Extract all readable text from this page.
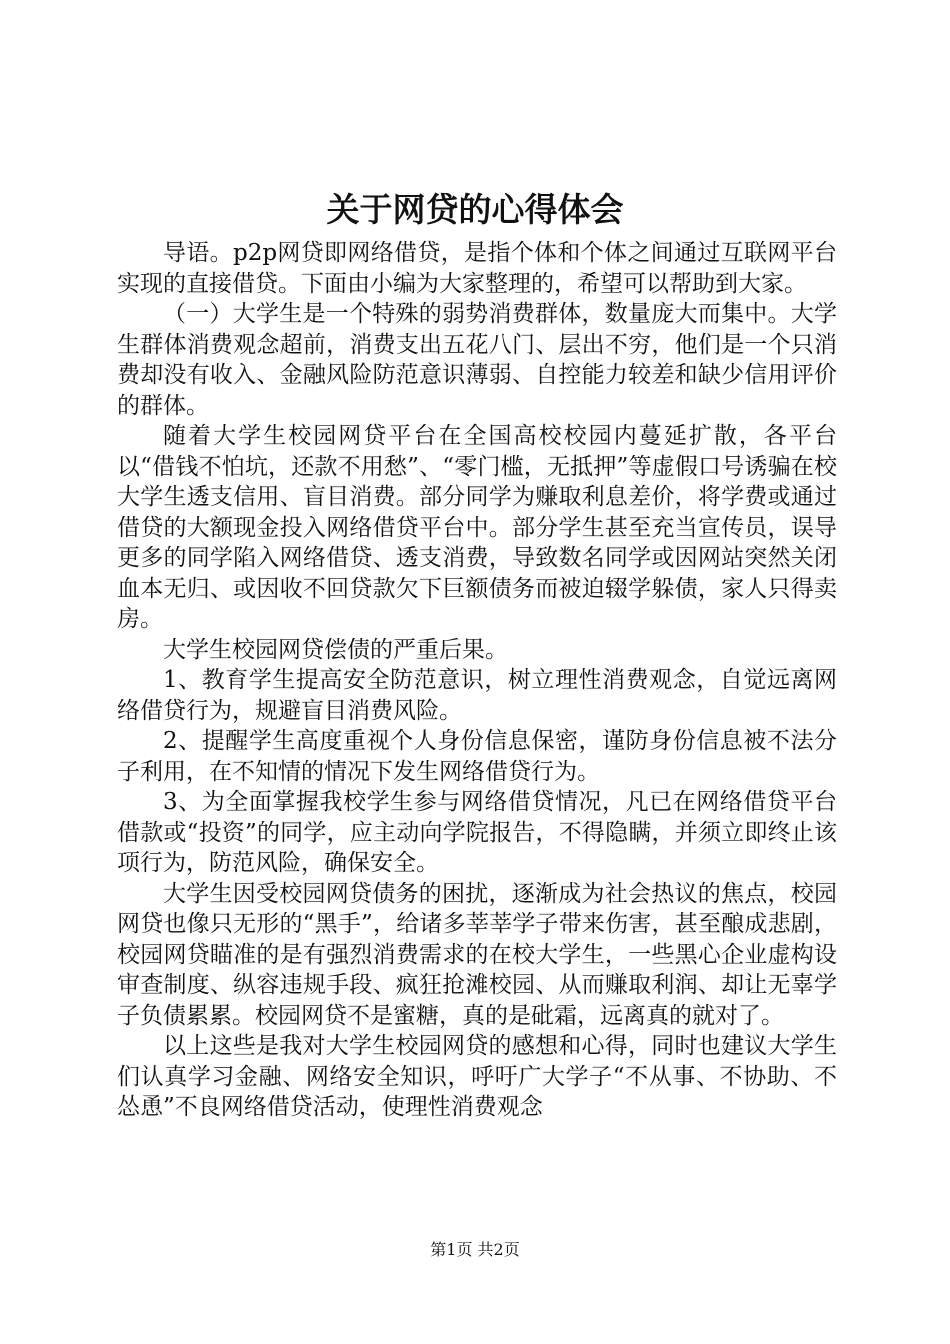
关于网贷的心得体会

导语。p2p网贷即网络借贷，是指个体和个体之间通过互联网平台实现的直接借贷。下面由小编为大家整理的，希望可以帮助到大家。

（一）大学生是一个特殊的弱势消费群体，数量庞大而集中。大学生群体消费观念超前，消费支出五花八门、层出不穷，他们是一个只消费却没有收入、金融风险防范意识薄弱、自控能力较差和缺少信用评价的群体。

随着大学生校园网贷平台在全国高校校园内蔓延扩散，各平台以“借钱不怕坑，还款不用愁”、“零门槛，无抵押”等虚假口号诱骗在校大学生透支信用、盲目消费。部分同学为赚取利息差价，将学费或通过借贷的大额现金投入网络借贷平台中。部分学生甚至充当宣传员，误导更多的同学陷入网络借贷、透支消费，导致数名同学或因网站突然关闭血本无归、或因收不回贷款欠下巨额债务而被迫辍学躲债，家人只得卖房。

大学生校园网贷偿债的严重后果。

1、教育学生提高安全防范意识，树立理性消费观念，自觉远离网络借贷行为，规避盲目消费风险。

2、提醒学生高度重视个人身份信息保密，谨防身份信息被不法分子利用，在不知情的情况下发生网络借贷行为。

3、为全面掌握我校学生参与网络借贷情况，凡已在网络借贷平台借款或“投资”的同学，应主动向学院报告，不得隐瞒，并须立即终止该项行为，防范风险，确保安全。

大学生因受校园网贷债务的困扰，逐渐成为社会热议的焦点，校园网贷也像只无形的“黑手”，给诸多莘莘学子带来伤害，甚至酿成悲剧，校园网贷瞄准的是有强烈消费需求的在校大学生，一些黑心企业虚构设审查制度、纵容违规手段、疯狂抢滩校园、从而赚取利润、却让无辜学子负债累累。校园网贷不是蜜糖，真的是砒霜，远离真的就对了。

以上这些是我对大学生校园网贷的感想和心得，同时也建议大学生们认真学习金融、网络安全知识，呼吁广大学子“不从事、不协助、不怂恿”不良网络借贷活动，使理性消费观念

第1页 共2页
